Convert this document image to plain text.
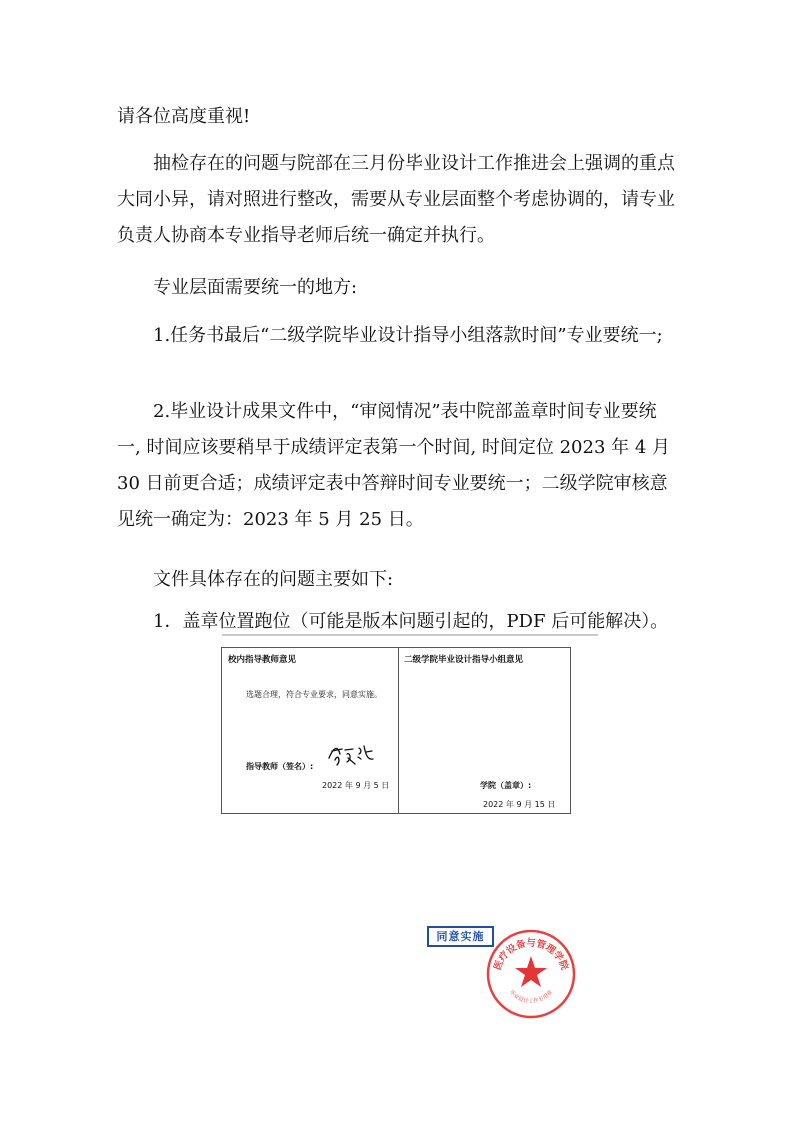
请各位高度重视!

抽检存在的问题与院部在三月份毕业设计工作推进会上强调的重点大同小异，请对照进行整改，需要从专业层面整个考虑协调的，请专业负责人协商本专业指导老师后统一确定并执行。

专业层面需要统一的地方:

1.任务书最后“二级学院毕业设计指导小组落款时间”专业要统一;

2.毕业设计成果文件中，“审阅情况”表中院部盖章时间专业要统一, 时间应该要稍早于成绩评定表第一个时间, 时间定位 2023 年 4 月 30 日前更合适；成绩评定表中答辩时间专业要统一；二级学院审核意见统一确定为：2023 年 5 月 25 日。

文件具体存在的问题主要如下:

1．盖章位置跑位（可能是版本问题引起的，PDF 后可能解决）。

校内指导教师意见
选题合理，符合专业要求，同意实施。
指导教师（签名）:
2022 年 9 月 5 日
二级学院毕业设计指导小组意见
学院（盖章）:
2022 年 9 月 15 日
同意实施
医疗设备与管理学院
毕业设计工作专用章
